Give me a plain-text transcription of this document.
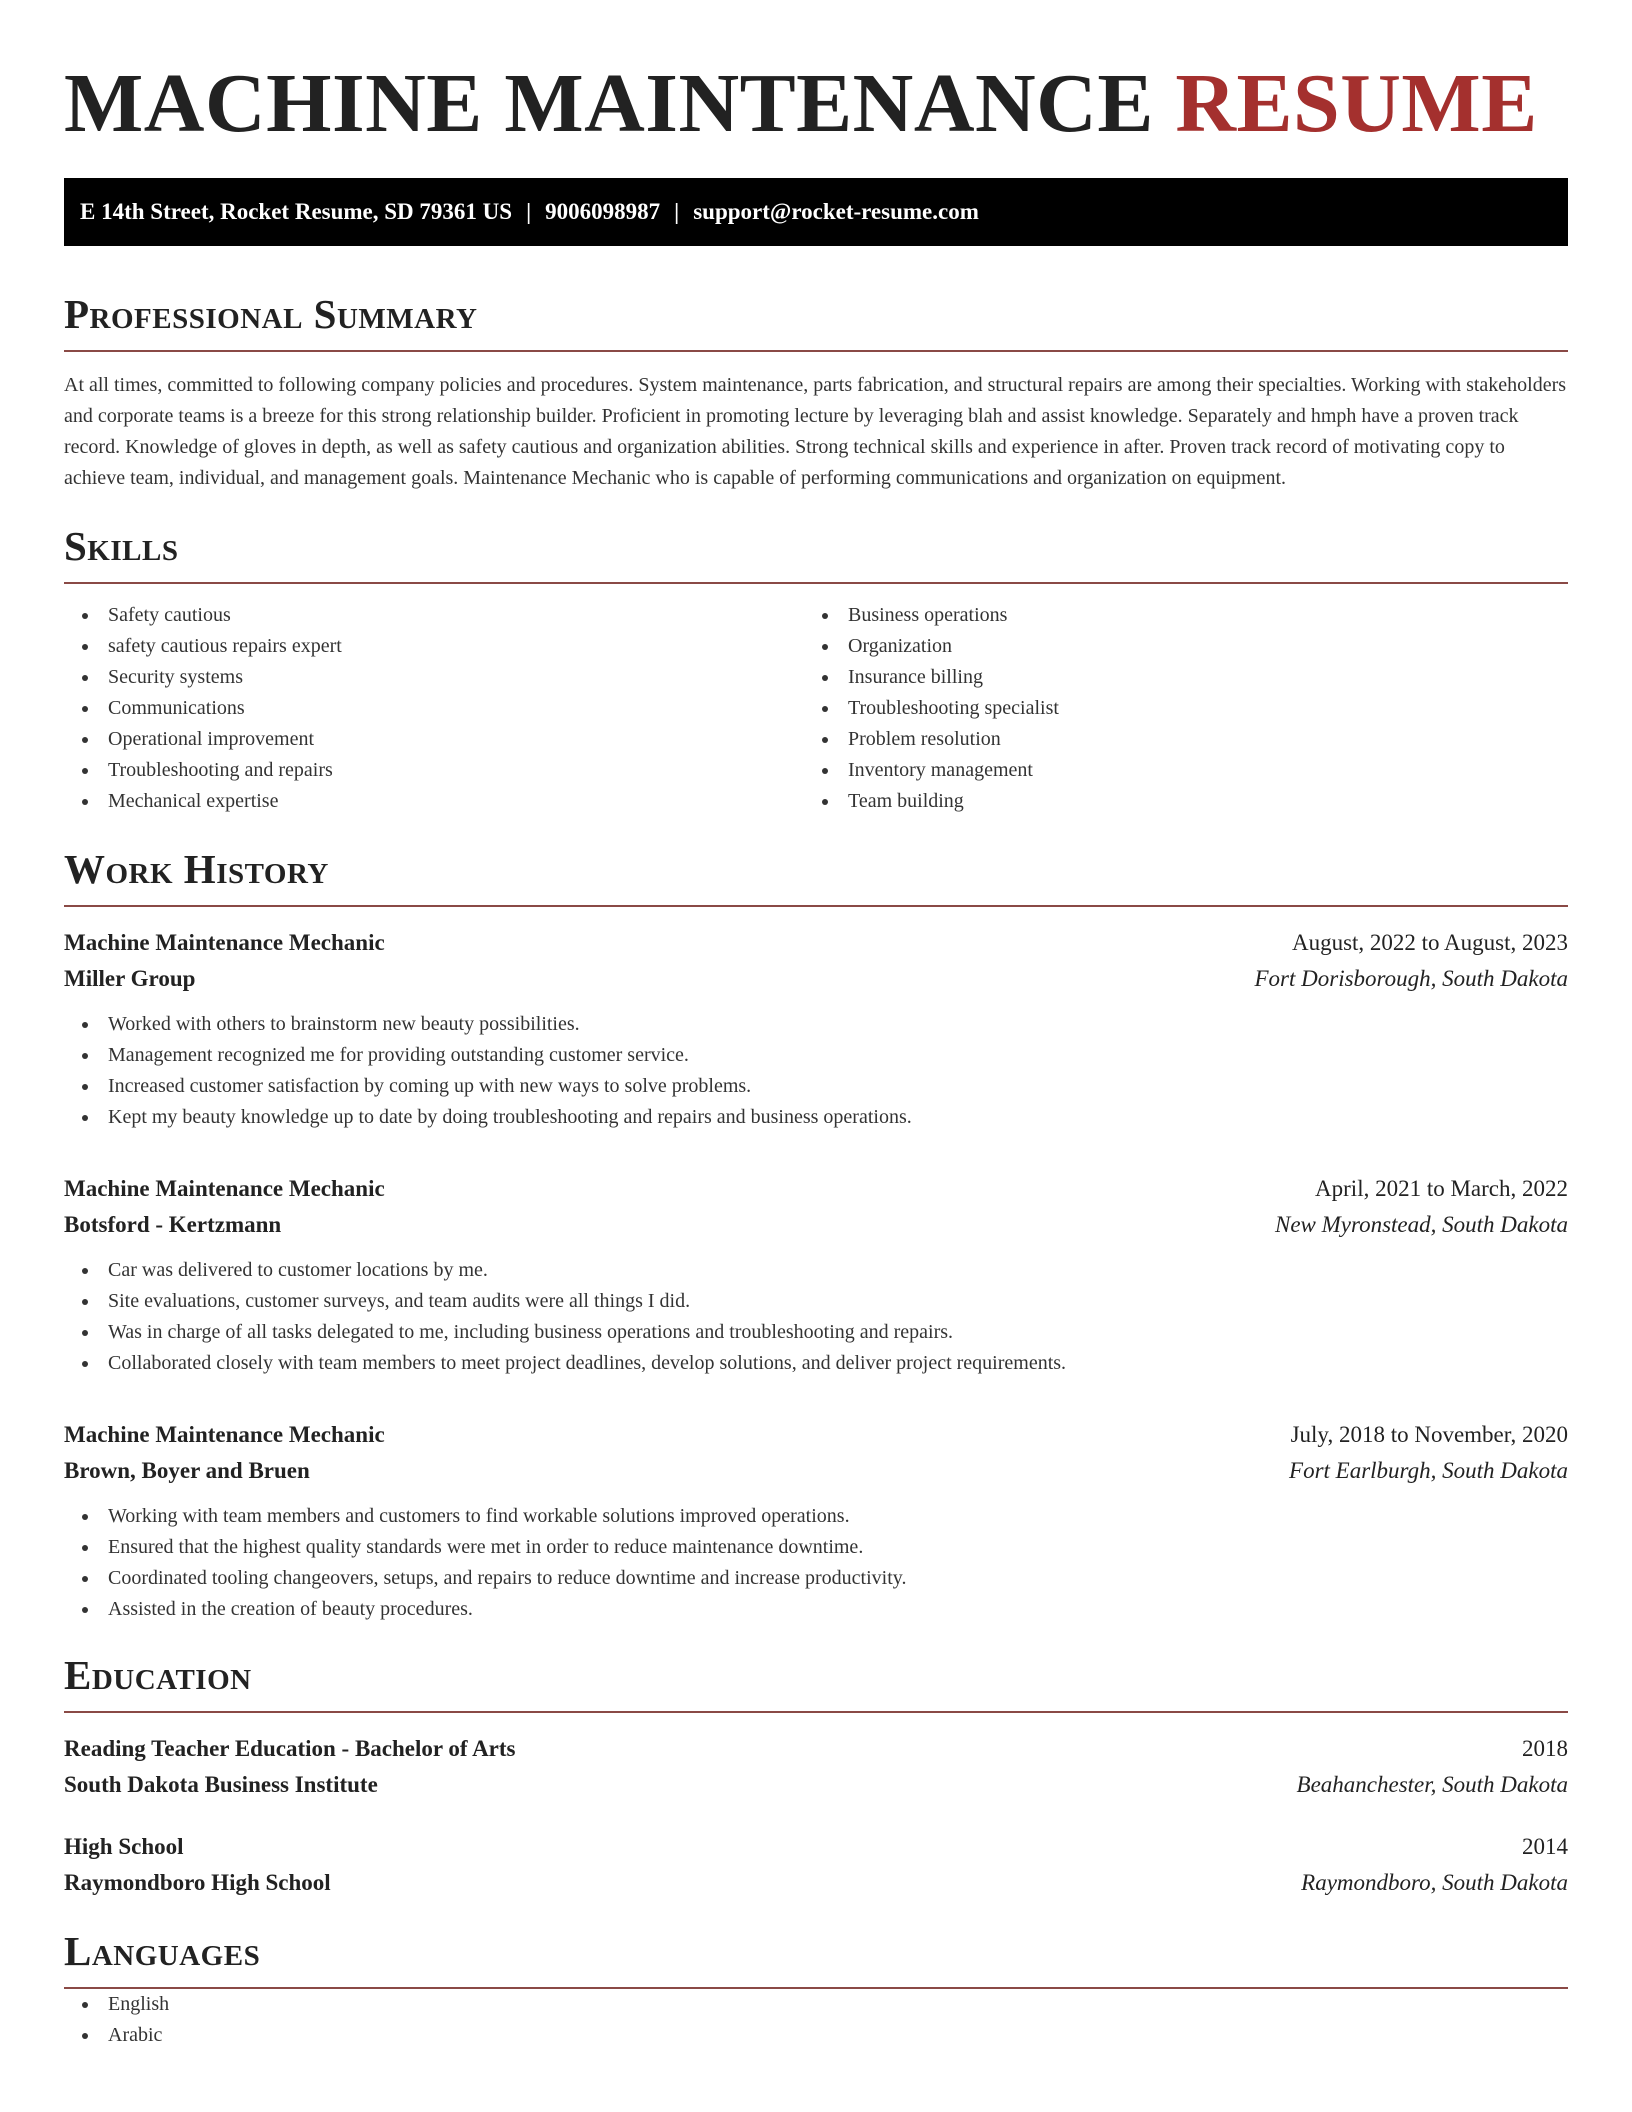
MACHINE MAINTENANCE RESUME
E 14th Street, Rocket Resume, SD 79361 US | 9006098987 | support@rocket-resume.com
Professional Summary

At all times, committed to following company policies and procedures. System maintenance, parts fabrication, and structural repairs are among their specialties. Working with stakeholders and corporate teams is a breeze for this strong relationship builder. Proficient in promoting lecture by leveraging blah and assist knowledge. Separately and hmph have a proven track record. Knowledge of gloves in depth, as well as safety cautious and organization abilities. Strong technical skills and experience in after. Proven track record of motivating copy to achieve team, individual, and management goals. Maintenance Mechanic who is capable of performing communications and organization on equipment.

Skills
Safety cautious
safety cautious repairs expert
Security systems
Communications
Operational improvement
Troubleshooting and repairs
Mechanical expertise
Business operations
Organization
Insurance billing
Troubleshooting specialist
Problem resolution
Inventory management
Team building
Work History
Machine Maintenance Mechanic	August, 2022 to August, 2023
Miller Group	Fort Dorisborough, South Dakota
Worked with others to brainstorm new beauty possibilities.
Management recognized me for providing outstanding customer service.
Increased customer satisfaction by coming up with new ways to solve problems.
Kept my beauty knowledge up to date by doing troubleshooting and repairs and business operations.
Machine Maintenance Mechanic	April, 2021 to March, 2022
Botsford - Kertzmann	New Myronstead, South Dakota
Car was delivered to customer locations by me.
Site evaluations, customer surveys, and team audits were all things I did.
Was in charge of all tasks delegated to me, including business operations and troubleshooting and repairs.
Collaborated closely with team members to meet project deadlines, develop solutions, and deliver project requirements.
Machine Maintenance Mechanic	July, 2018 to November, 2020
Brown, Boyer and Bruen	Fort Earlburgh, South Dakota
Working with team members and customers to find workable solutions improved operations.
Ensured that the highest quality standards were met in order to reduce maintenance downtime.
Coordinated tooling changeovers, setups, and repairs to reduce downtime and increase productivity.
Assisted in the creation of beauty procedures.
Education
Reading Teacher Education - Bachelor of Arts	2018
South Dakota Business Institute	Beahanchester, South Dakota
High School	2014
Raymondboro High School	Raymondboro, South Dakota
Languages
English
Arabic
